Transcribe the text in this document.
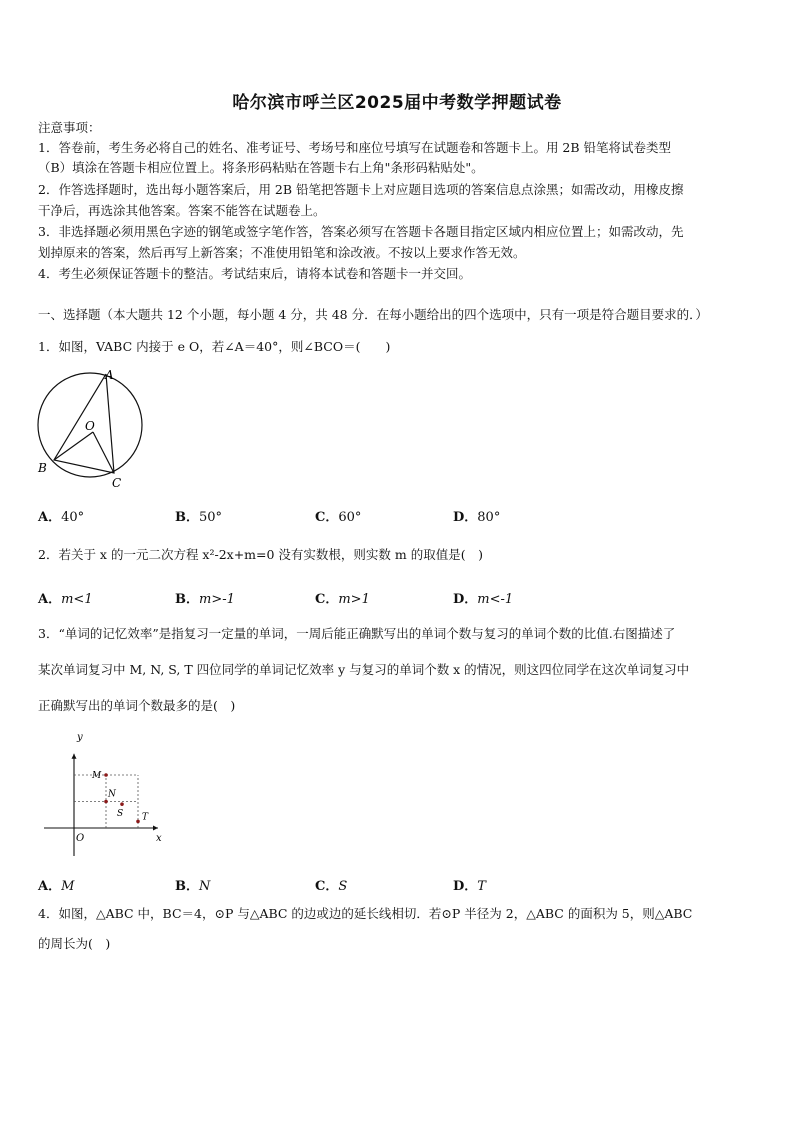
哈尔滨市呼兰区2025届中考数学押题试卷
注意事项：
1．答卷前，考生务必将自己的姓名、准考证号、考场号和座位号填写在试题卷和答题卡上。用 2B 铅笔将试卷类型
（B）填涂在答题卡相应位置上。将条形码粘贴在答题卡右上角"条形码粘贴处"。
2．作答选择题时，选出每小题答案后，用 2B 铅笔把答题卡上对应题目选项的答案信息点涂黑；如需改动，用橡皮擦
干净后，再选涂其他答案。答案不能答在试题卷上。
3．非选择题必须用黑色字迹的钢笔或签字笔作答，答案必须写在答题卡各题目指定区域内相应位置上；如需改动，先
划掉原来的答案，然后再写上新答案；不准使用铅笔和涂改液。不按以上要求作答无效。
4．考生必须保证答题卡的整洁。考试结束后，请将本试卷和答题卡一并交回。
一、选择题（本大题共 12 个小题，每小题 4 分，共 48 分．在每小题给出的四个选项中，只有一项是符合题目要求的．）
1．如图，VABC 内接于 e O，若∠A＝40°，则∠BCO＝(　　)
A
B
C
O
A．40°	B．50°	C．60°	D．80°
2．若关于 x 的一元二次方程 x²-2x+m=0 没有实数根，则实数 m 的取值是(　)
A．m<1	B．m>-1	C．m>1	D．m<-1
3．“单词的记忆效率”是指复习一定量的单词，一周后能正确默写出的单词个数与复习的单词个数的比值.右图描述了
某次单词复习中 M, N, S, T 四位同学的单词记忆效率 y 与复习的单词个数 x 的情况，则这四位同学在这次单词复习中
正确默写出的单词个数最多的是(　)
M
N
S T
x
y
O
A．M	B．N	C．S	D．T
4．如图，△ABC 中，BC＝4，⊙P 与△ABC 的边或边的延长线相切．若⊙P 半径为 2，△ABC 的面积为 5，则△ABC
的周长为(　)
